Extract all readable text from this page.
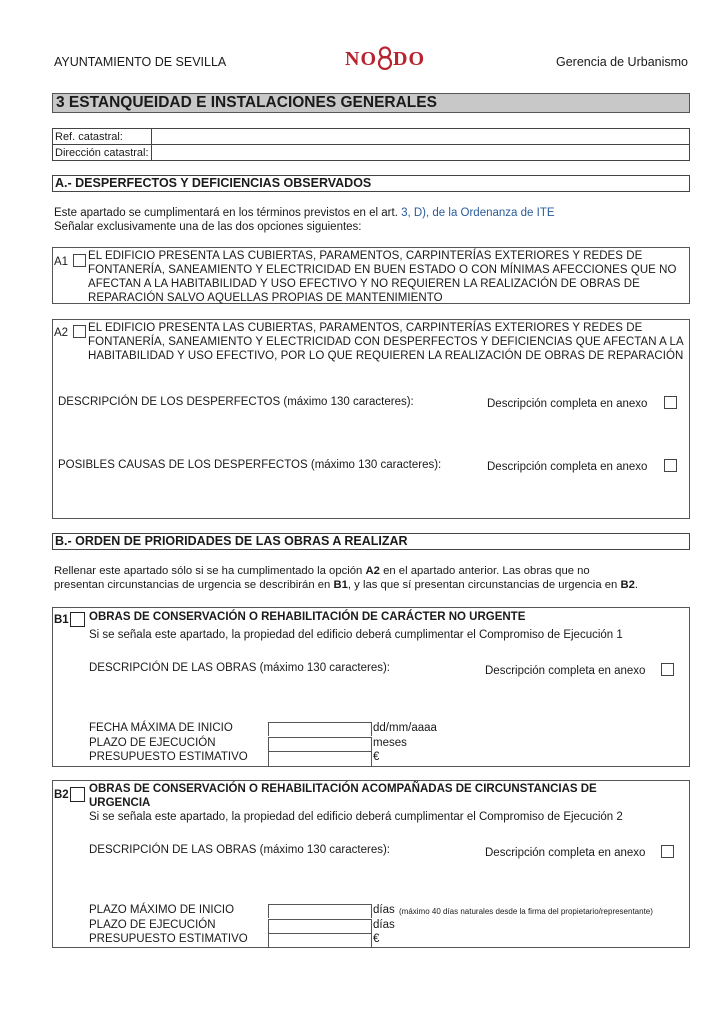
AYUNTAMIENTO DE SEVILLA	NO DO	Gerencia de Urbanismo
3 ESTANQUEIDAD E INSTALACIONES GENERALES
Ref. catastral:	
Dirección catastral:	
A.- DESPERFECTOS Y DEFICIENCIAS OBSERVADOS
Este apartado se cumplimentará en los términos previstos en el art. 3, D), de la Ordenanza de ITE
Señalar exclusivamente una de las dos opciones siguientes:
A1 EL EDIFICIO PRESENTA LAS CUBIERTAS, PARAMENTOS, CARPINTERÍAS EXTERIORES Y REDES DE FONTANERÍA, SANEAMIENTO Y ELECTRICIDAD EN BUEN ESTADO O CON MÍNIMAS AFECCIONES QUE NO AFECTAN A LA HABITABILIDAD Y USO EFECTIVO Y NO REQUIEREN LA REALIZACIÓN DE OBRAS DE REPARACIÓN SALVO AQUELLAS PROPIAS DE MANTENIMIENTO
A2 EL EDIFICIO PRESENTA LAS CUBIERTAS, PARAMENTOS, CARPINTERÍAS EXTERIORES Y REDES DE FONTANERÍA, SANEAMIENTO Y ELECTRICIDAD CON DESPERFECTOS Y DEFICIENCIAS QUE AFECTAN A LA HABITABILIDAD Y USO EFECTIVO, POR LO QUE REQUIEREN LA REALIZACIÓN DE OBRAS DE REPARACIÓN
DESCRIPCIÓN DE LOS DESPERFECTOS (máximo 130 caracteres):	Descripción completa en anexo
POSIBLES CAUSAS DE LOS DESPERFECTOS (máximo 130 caracteres):	Descripción completa en anexo
B.- ORDEN DE PRIORIDADES DE LAS OBRAS A REALIZAR
Rellenar este apartado sólo si se ha cumplimentado la opción A2 en el apartado anterior. Las obras que no
presentan circunstancias de urgencia se describirán en B1, y las que sí presentan circunstancias de urgencia en B2.
B1 OBRAS DE CONSERVACIÓN O REHABILITACIÓN DE CARÁCTER NO URGENTE
Si se señala este apartado, la propiedad del edificio deberá cumplimentar el Compromiso de Ejecución 1
DESCRIPCIÓN DE LAS OBRAS (máximo 130 caracteres):	Descripción completa en anexo
FECHA MÁXIMA DE INICIO	dd/mm/aaaa
PLAZO DE EJECUCIÓN	meses
PRESUPUESTO ESTIMATIVO	€
B2 OBRAS DE CONSERVACIÓN O REHABILITACIÓN ACOMPAÑADAS DE CIRCUNSTANCIAS DE
URGENCIA
Si se señala este apartado, la propiedad del edificio deberá cumplimentar el Compromiso de Ejecución 2
DESCRIPCIÓN DE LAS OBRAS (máximo 130 caracteres):	Descripción completa en anexo
PLAZO MÁXIMO DE INICIO	días (máximo 40 días naturales desde la firma del propietario/representante)
PLAZO DE EJECUCIÓN	días
PRESUPUESTO ESTIMATIVO	€
